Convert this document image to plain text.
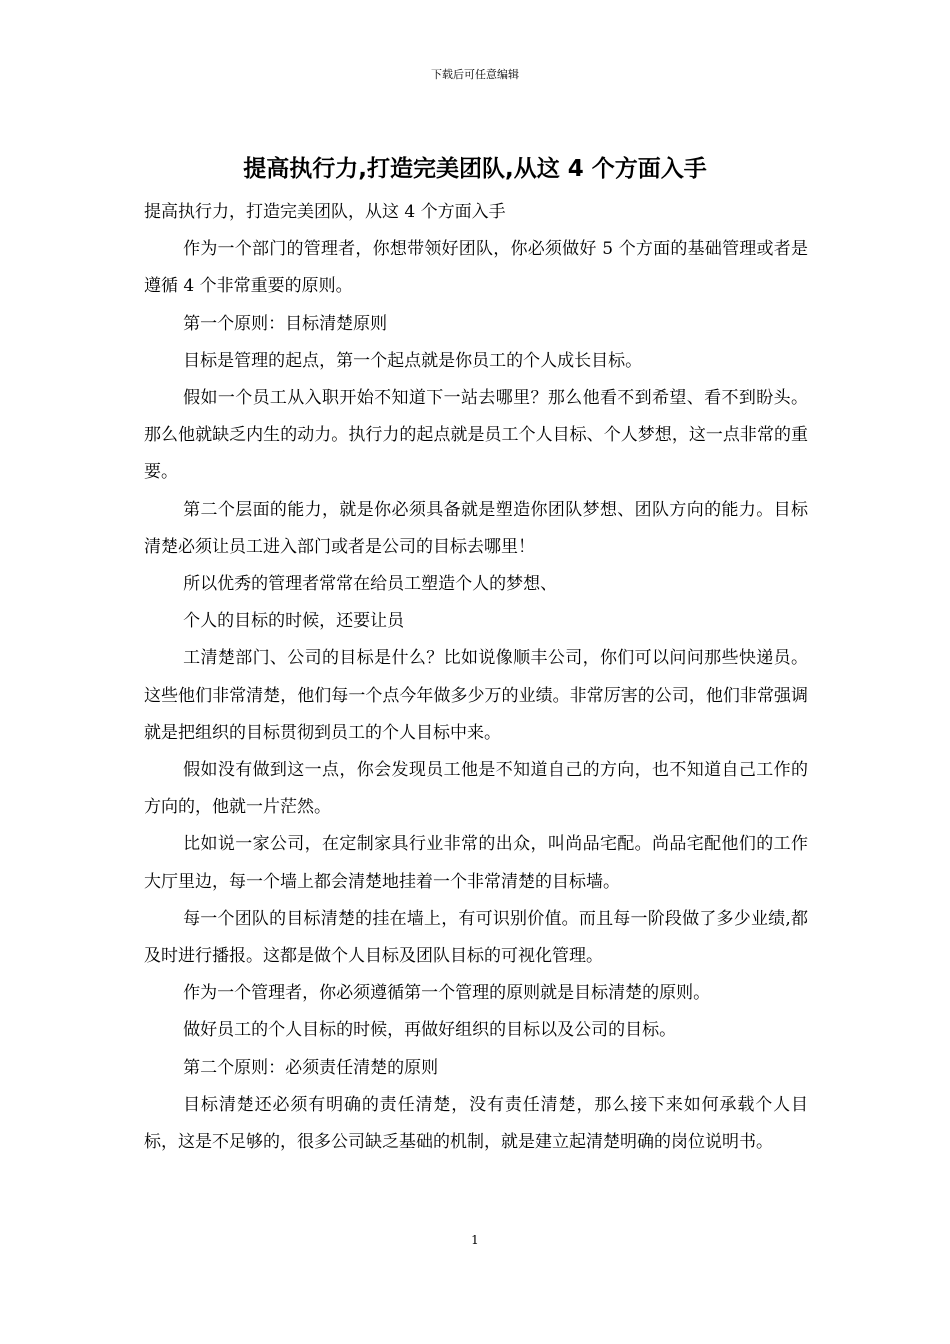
下载后可任意编辑
提高执行力,打造完美团队,从这 4 个方面入手

提高执行力，打造完美团队，从这 4 个方面入手

作为一个部门的管理者，你想带领好团队，你必须做好 5 个方面的基础管理或者是遵循 4 个非常重要的原则。

第一个原则：目标清楚原则

目标是管理的起点，第一个起点就是你员工的个人成长目标。

假如一个员工从入职开始不知道下一站去哪里？那么他看不到希望、看不到盼头。那么他就缺乏内生的动力。执行力的起点就是员工个人目标、个人梦想，这一点非常的重要。

第二个层面的能力，就是你必须具备就是塑造你团队梦想、团队方向的能力。目标清楚必须让员工进入部门或者是公司的目标去哪里！

所以优秀的管理者常常在给员工塑造个人的梦想、

个人的目标的时候，还要让员

工清楚部门、公司的目标是什么？比如说像顺丰公司，你们可以问问那些快递员。这些他们非常清楚，他们每一个点今年做多少万的业绩。非常厉害的公司，他们非常强调就是把组织的目标贯彻到员工的个人目标中来。

假如没有做到这一点，你会发现员工他是不知道自己的方向，也不知道自己工作的方向的，他就一片茫然。

比如说一家公司，在定制家具行业非常的出众，叫尚品宅配。尚品宅配他们的工作大厅里边，每一个墙上都会清楚地挂着一个非常清楚的目标墙。

每一个团队的目标清楚的挂在墙上，有可识别价值。而且每一阶段做了多少业绩,都及时进行播报。这都是做个人目标及团队目标的可视化管理。

作为一个管理者，你必须遵循第一个管理的原则就是目标清楚的原则。

做好员工的个人目标的时候，再做好组织的目标以及公司的目标。

第二个原则：必须责任清楚的原则

目标清楚还必须有明确的责任清楚，没有责任清楚，那么接下来如何承载个人目标，这是不足够的，很多公司缺乏基础的机制，就是建立起清楚明确的岗位说明书。

1
